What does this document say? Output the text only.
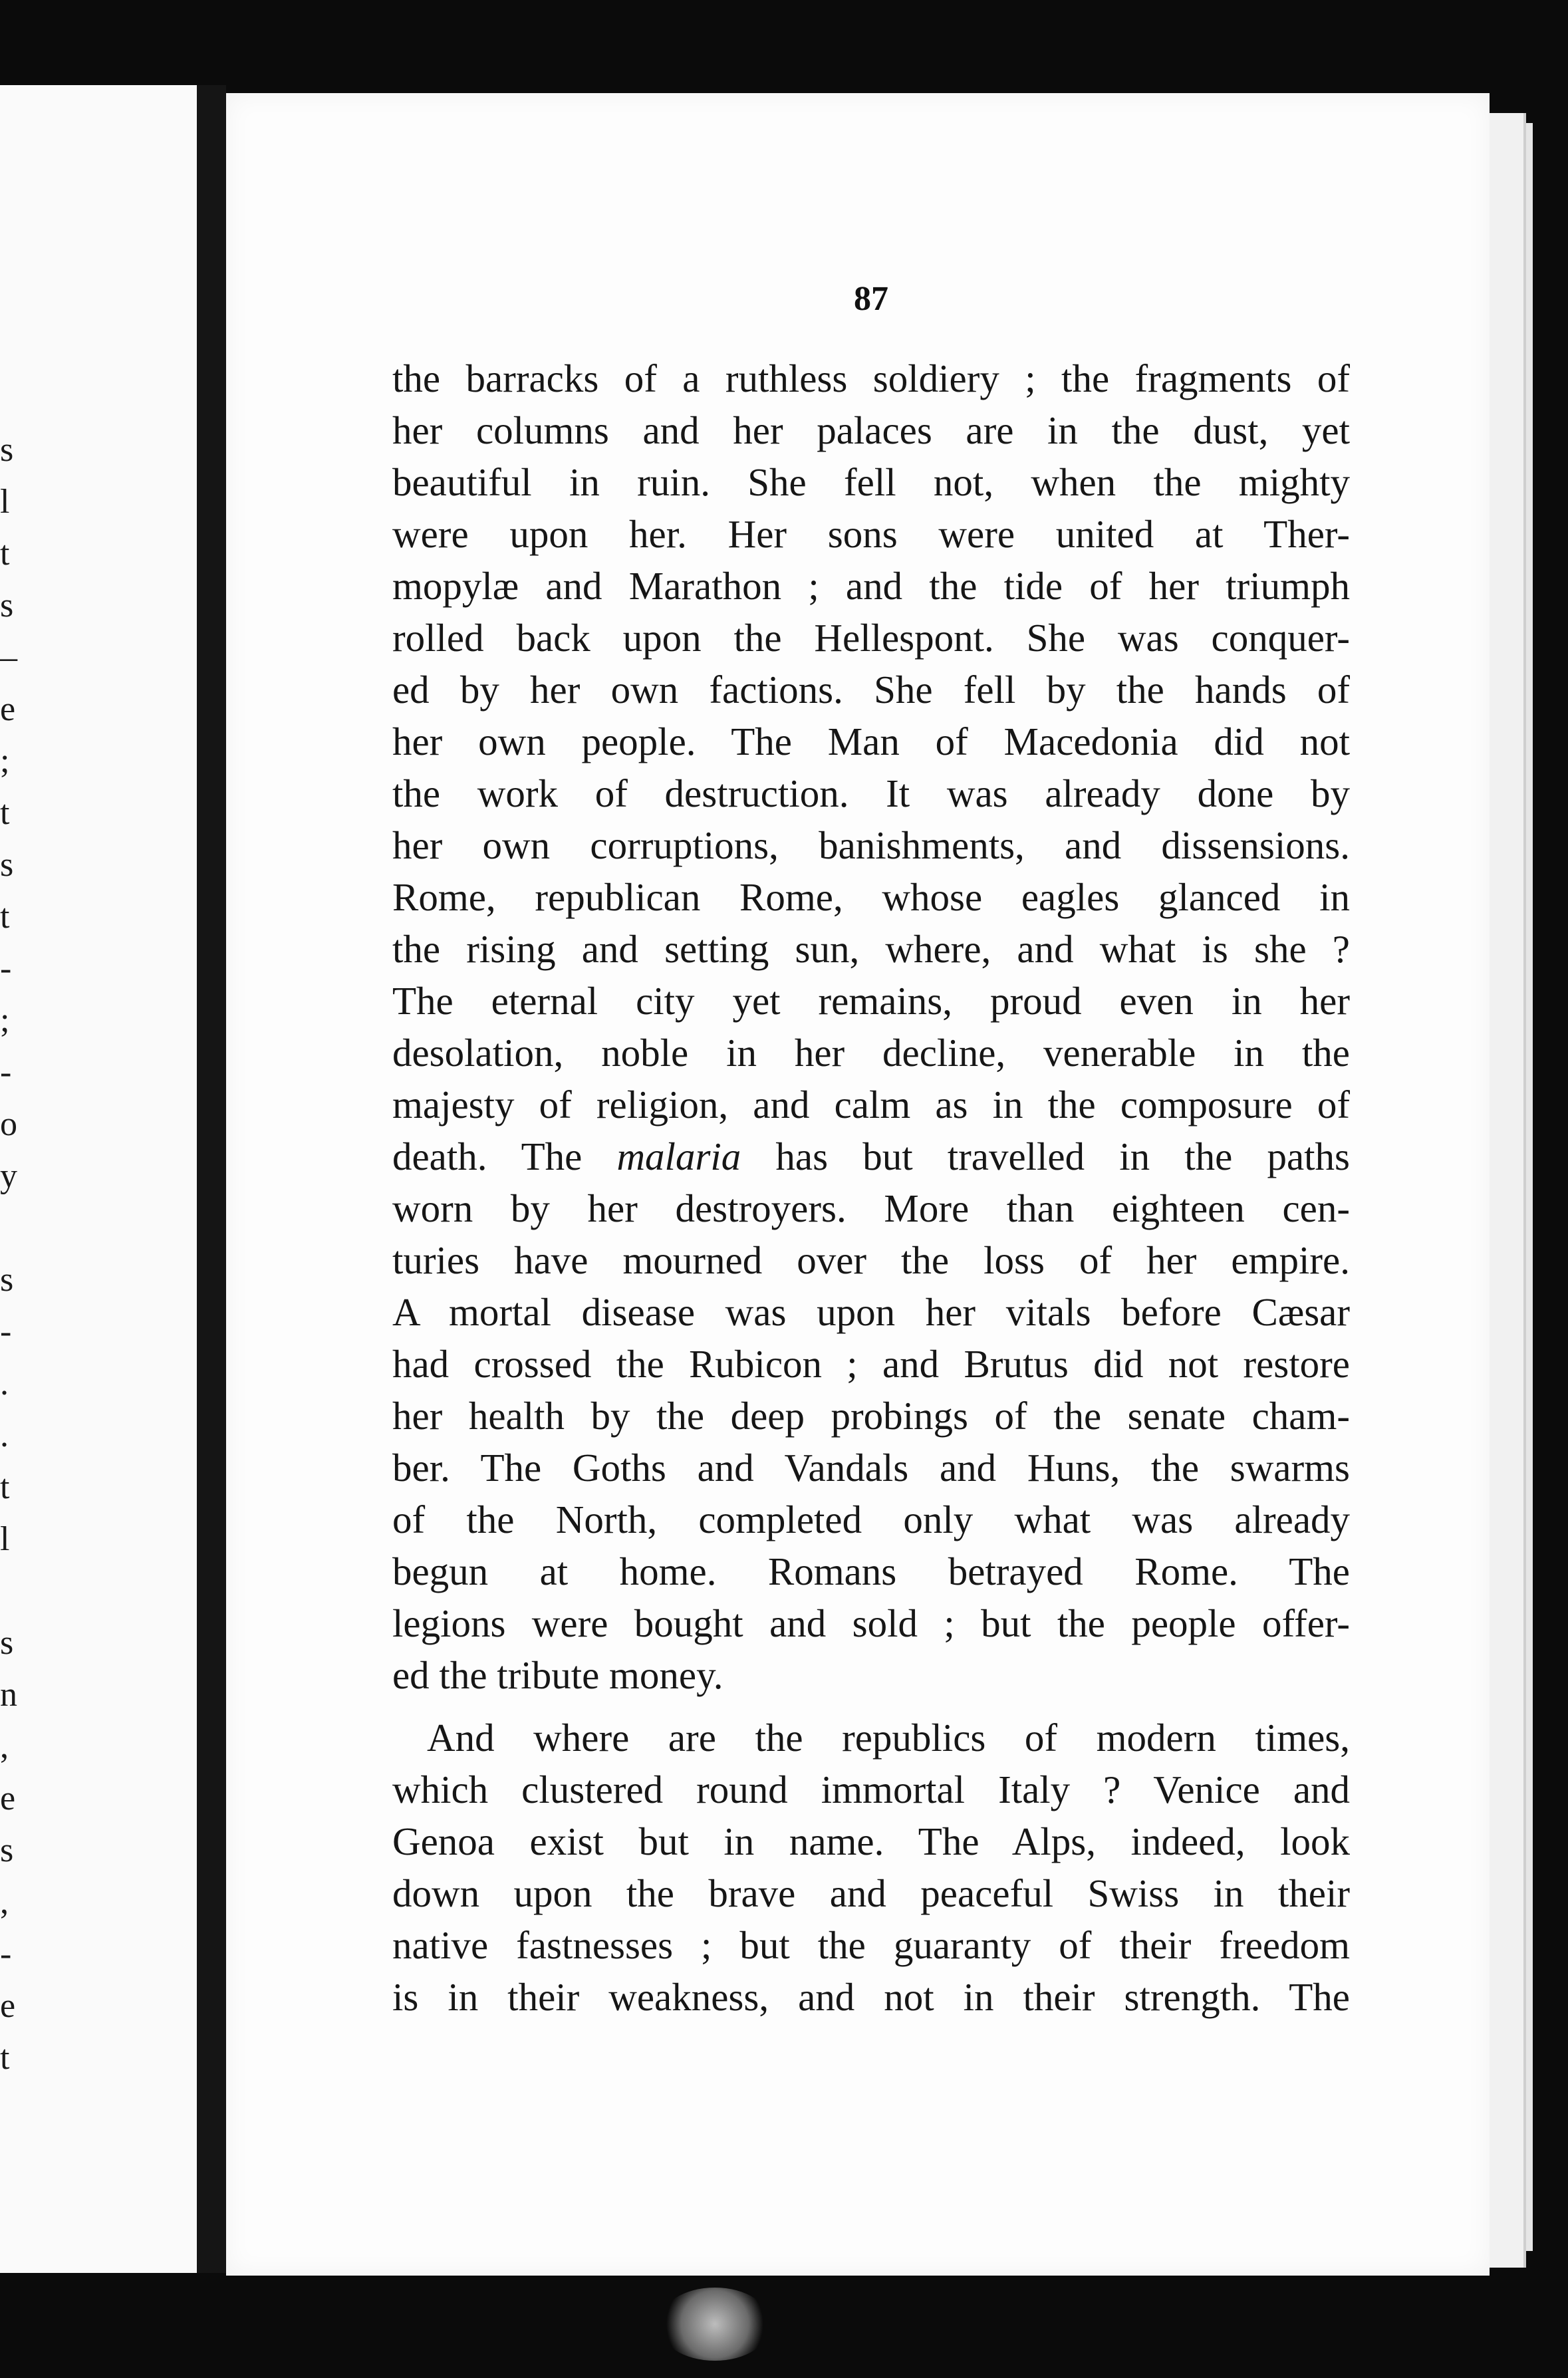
s
l
t
s
–
e
;
t
s
t
-
;
-
o
y
s
-
.
.
t
l
s
n
,
e
s
,
-
e
t
87
the barracks of a ruthless soldiery ; the fragments of
her columns and her palaces are in the dust, yet
beautiful in ruin. She fell not, when the mighty
were upon her. Her sons were united at Ther-
mopylæ and Marathon ; and the tide of her triumph
rolled back upon the Hellespont. She was conquer-
ed by her own factions. She fell by the hands of
her own people. The Man of Macedonia did not
the work of destruction. It was already done by
her own corruptions, banishments, and dissensions.
Rome, republican Rome, whose eagles glanced in
the rising and setting sun, where, and what is she ?
The eternal city yet remains, proud even in her
desolation, noble in her decline, venerable in the
majesty of religion, and calm as in the composure of
death. The malaria has but travelled in the paths
worn by her destroyers. More than eighteen cen-
turies have mourned over the loss of her empire.
A mortal disease was upon her vitals before Cæsar
had crossed the Rubicon ; and Brutus did not restore
her health by the deep probings of the senate cham-
ber. The Goths and Vandals and Huns, the swarms
of the North, completed only what was already
begun at home. Romans betrayed Rome. The
legions were bought and sold ; but the people offer-
ed the tribute money.
And where are the republics of modern times,
which clustered round immortal Italy ? Venice and
Genoa exist but in name. The Alps, indeed, look
down upon the brave and peaceful Swiss in their
native fastnesses ; but the guaranty of their freedom
is in their weakness, and not in their strength. The
